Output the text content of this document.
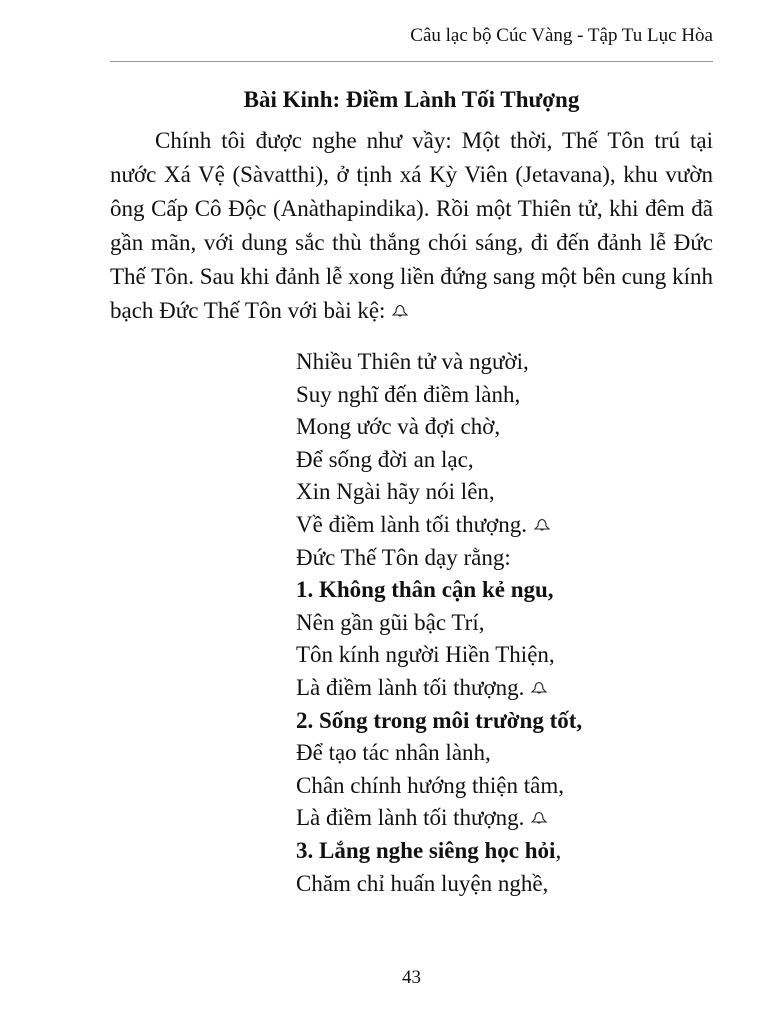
Câu lạc bộ Cúc Vàng - Tập Tu Lục Hòa
Bài Kinh: Điềm Lành Tối Thượng

Chính tôi được nghe như vầy: Một thời, Thế Tôn trú tại nước Xá Vệ (Sàvatthi), ở tịnh xá Kỳ Viên (Jetavana), khu vườn ông Cấp Cô Độc (Anàthapindika). Rồi một Thiên tử, khi đêm đã gần mãn, với dung sắc thù thắng chói sáng, đi đến đảnh lễ Đức Thế Tôn. Sau khi đảnh lễ xong liền đứng sang một bên cung kính bạch Đức Thế Tôn với bài kệ:

Nhiều Thiên tử và người,
Suy nghĩ đến điềm lành,
Mong ước và đợi chờ,
Để sống đời an lạc,
Xin Ngài hãy nói lên,
Về điềm lành tối thượng.
Đức Thế Tôn dạy rằng:
1. Không thân cận kẻ ngu,
Nên gần gũi bậc Trí,
Tôn kính người Hiền Thiện,
Là điềm lành tối thượng.
2. Sống trong môi trường tốt,
Để tạo tác nhân lành,
Chân chính hướng thiện tâm,
Là điềm lành tối thượng.
3. Lắng nghe siêng học hỏi,
Chăm chỉ huấn luyện nghề,
43
